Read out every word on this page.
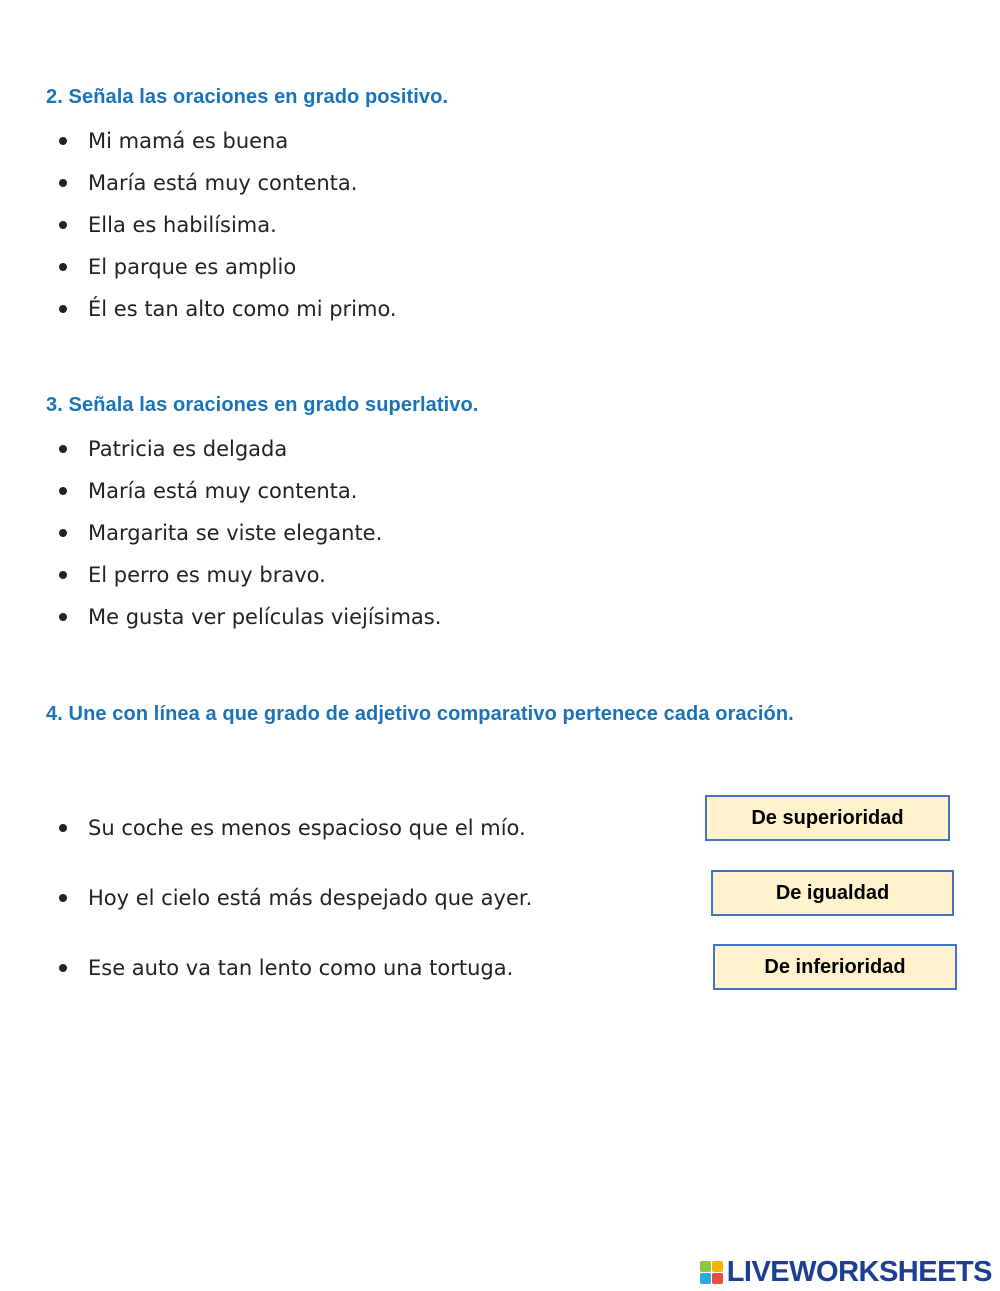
2. Señala las oraciones en grado positivo.
Mi mamá es buena
María está muy contenta.
Ella es habilísima.
El parque es amplio
Él es tan alto como mi primo.
3. Señala las oraciones en grado superlativo.
Patricia es delgada
María está muy contenta.
Margarita se viste elegante.
El perro es muy bravo.
Me gusta ver películas viejísimas.
4. Une con línea a que grado de adjetivo comparativo pertenece cada oración.
Su coche es menos espacioso que el mío.
Hoy el cielo está más despejado que ayer.
Ese auto va tan lento como una tortuga.
De superioridad
De igualdad
De inferioridad
LIVEWORKSHEETS
